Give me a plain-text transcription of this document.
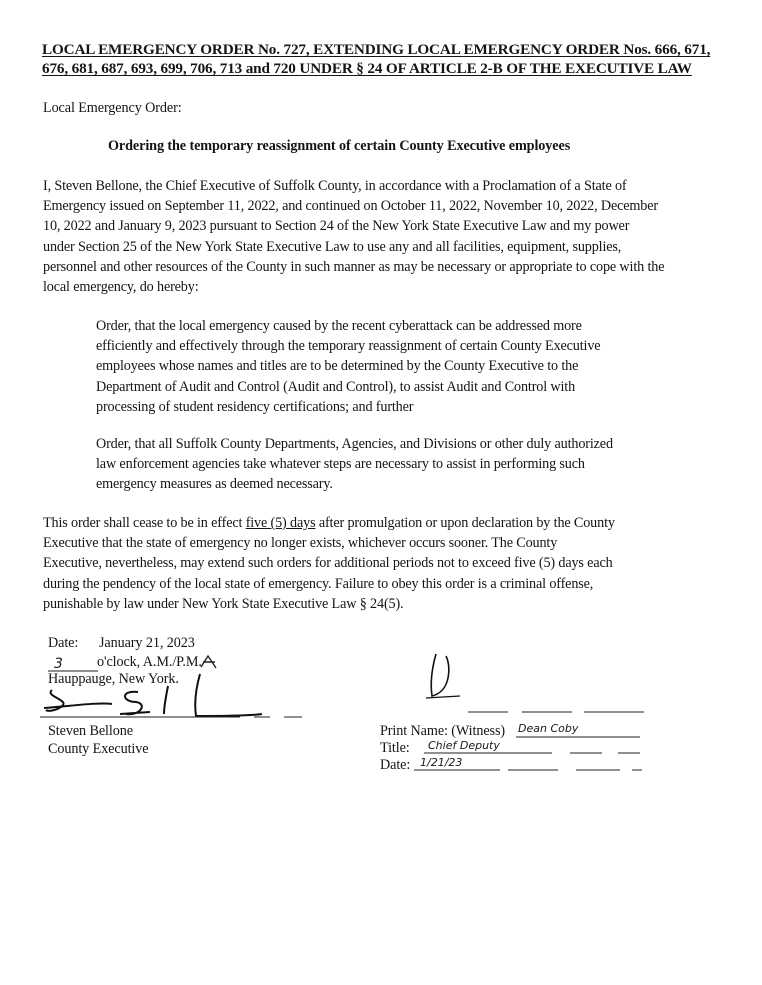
LOCAL EMERGENCY ORDER No. 727, EXTENDING LOCAL EMERGENCY ORDER Nos. 666, 671,
676, 681, 687, 693, 699, 706, 713 and 720 UNDER § 24 OF ARTICLE 2-B OF THE EXECUTIVE LAW
Local Emergency Order:
Ordering the temporary reassignment of certain County Executive employees
I, Steven Bellone, the Chief Executive of Suffolk County, in accordance with a Proclamation of a State of
Emergency issued on September 11, 2022, and continued on October 11, 2022, November 10, 2022, December
10, 2022 and January 9, 2023 pursuant to Section 24 of the New York State Executive Law and my power
under Section 25 of the New York State Executive Law to use any and all facilities, equipment, supplies,
personnel and other resources of the County in such manner as may be necessary or appropriate to cope with the
local emergency, do hereby:
Order, that the local emergency caused by the recent cyberattack can be addressed more
efficiently and effectively through the temporary reassignment of certain County Executive
employees whose names and titles are to be determined by the County Executive to the
Department of Audit and Control (Audit and Control), to assist Audit and Control with
processing of student residency certifications; and further
Order, that all Suffolk County Departments, Agencies, and Divisions or other duly authorized
law enforcement agencies take whatever steps are necessary to assist in performing such
emergency measures as deemed necessary.
This order shall cease to be in effect five (5) days after promulgation or upon declaration by the County
Executive that the state of emergency no longer exists, whichever occurs sooner. The County
Executive, nevertheless, may extend such orders for additional periods not to exceed five (5) days each
during the pendency of the local state of emergency. Failure to obey this order is a criminal offense,
punishable by law under New York State Executive Law § 24(5).
Date: January 21, 2023
3 o'clock, A.M./P.M.
Hauppauge, New York.
Steven Bellone
County Executive
Print Name: (Witness) Dean Coby
Title: Chief Deputy
Date: 1/21/23
